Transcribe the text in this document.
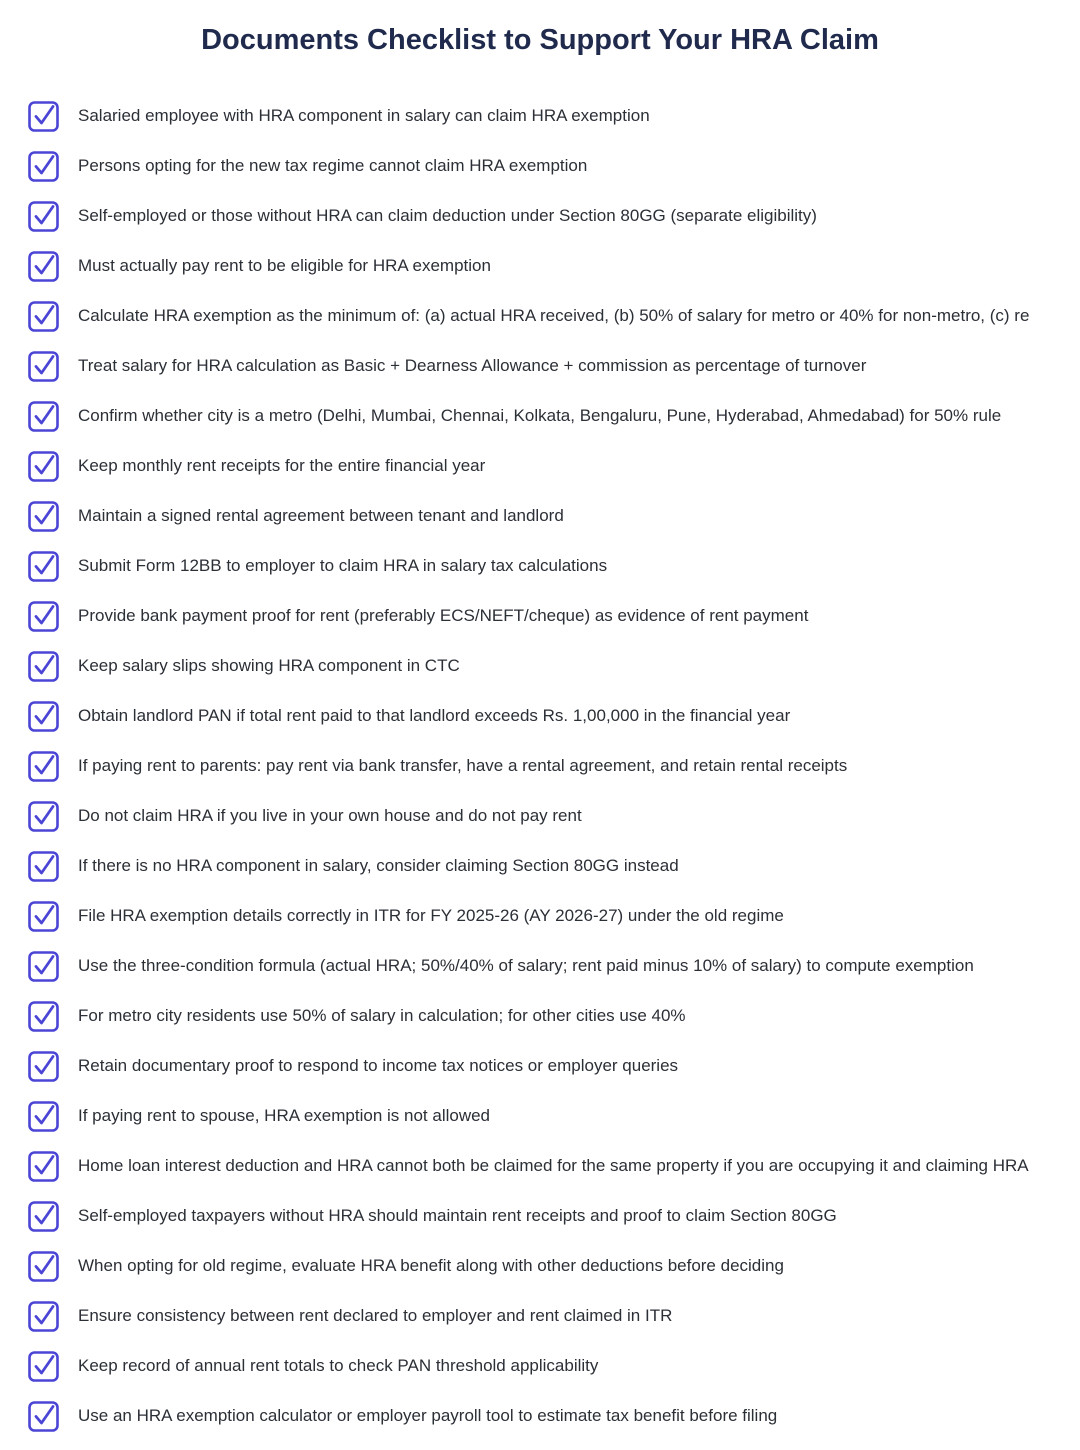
Documents Checklist to Support Your HRA Claim
Salaried employee with HRA component in salary can claim HRA exemption
Persons opting for the new tax regime cannot claim HRA exemption
Self-employed or those without HRA can claim deduction under Section 80GG (separate eligibility)
Must actually pay rent to be eligible for HRA exemption
Calculate HRA exemption as the minimum of: (a) actual HRA received, (b) 50% of salary for metro or 40% for non-metro, (c) re
Treat salary for HRA calculation as Basic + Dearness Allowance + commission as percentage of turnover
Confirm whether city is a metro (Delhi, Mumbai, Chennai, Kolkata, Bengaluru, Pune, Hyderabad, Ahmedabad) for 50% rule
Keep monthly rent receipts for the entire financial year
Maintain a signed rental agreement between tenant and landlord
Submit Form 12BB to employer to claim HRA in salary tax calculations
Provide bank payment proof for rent (preferably ECS/NEFT/cheque) as evidence of rent payment
Keep salary slips showing HRA component in CTC
Obtain landlord PAN if total rent paid to that landlord exceeds Rs. 1,00,000 in the financial year
If paying rent to parents: pay rent via bank transfer, have a rental agreement, and retain rental receipts
Do not claim HRA if you live in your own house and do not pay rent
If there is no HRA component in salary, consider claiming Section 80GG instead
File HRA exemption details correctly in ITR for FY 2025-26 (AY 2026-27) under the old regime
Use the three-condition formula (actual HRA; 50%/40% of salary; rent paid minus 10% of salary) to compute exemption
For metro city residents use 50% of salary in calculation; for other cities use 40%
Retain documentary proof to respond to income tax notices or employer queries
If paying rent to spouse, HRA exemption is not allowed
Home loan interest deduction and HRA cannot both be claimed for the same property if you are occupying it and claiming HRA
Self-employed taxpayers without HRA should maintain rent receipts and proof to claim Section 80GG
When opting for old regime, evaluate HRA benefit along with other deductions before deciding
Ensure consistency between rent declared to employer and rent claimed in ITR
Keep record of annual rent totals to check PAN threshold applicability
Use an HRA exemption calculator or employer payroll tool to estimate tax benefit before filing
